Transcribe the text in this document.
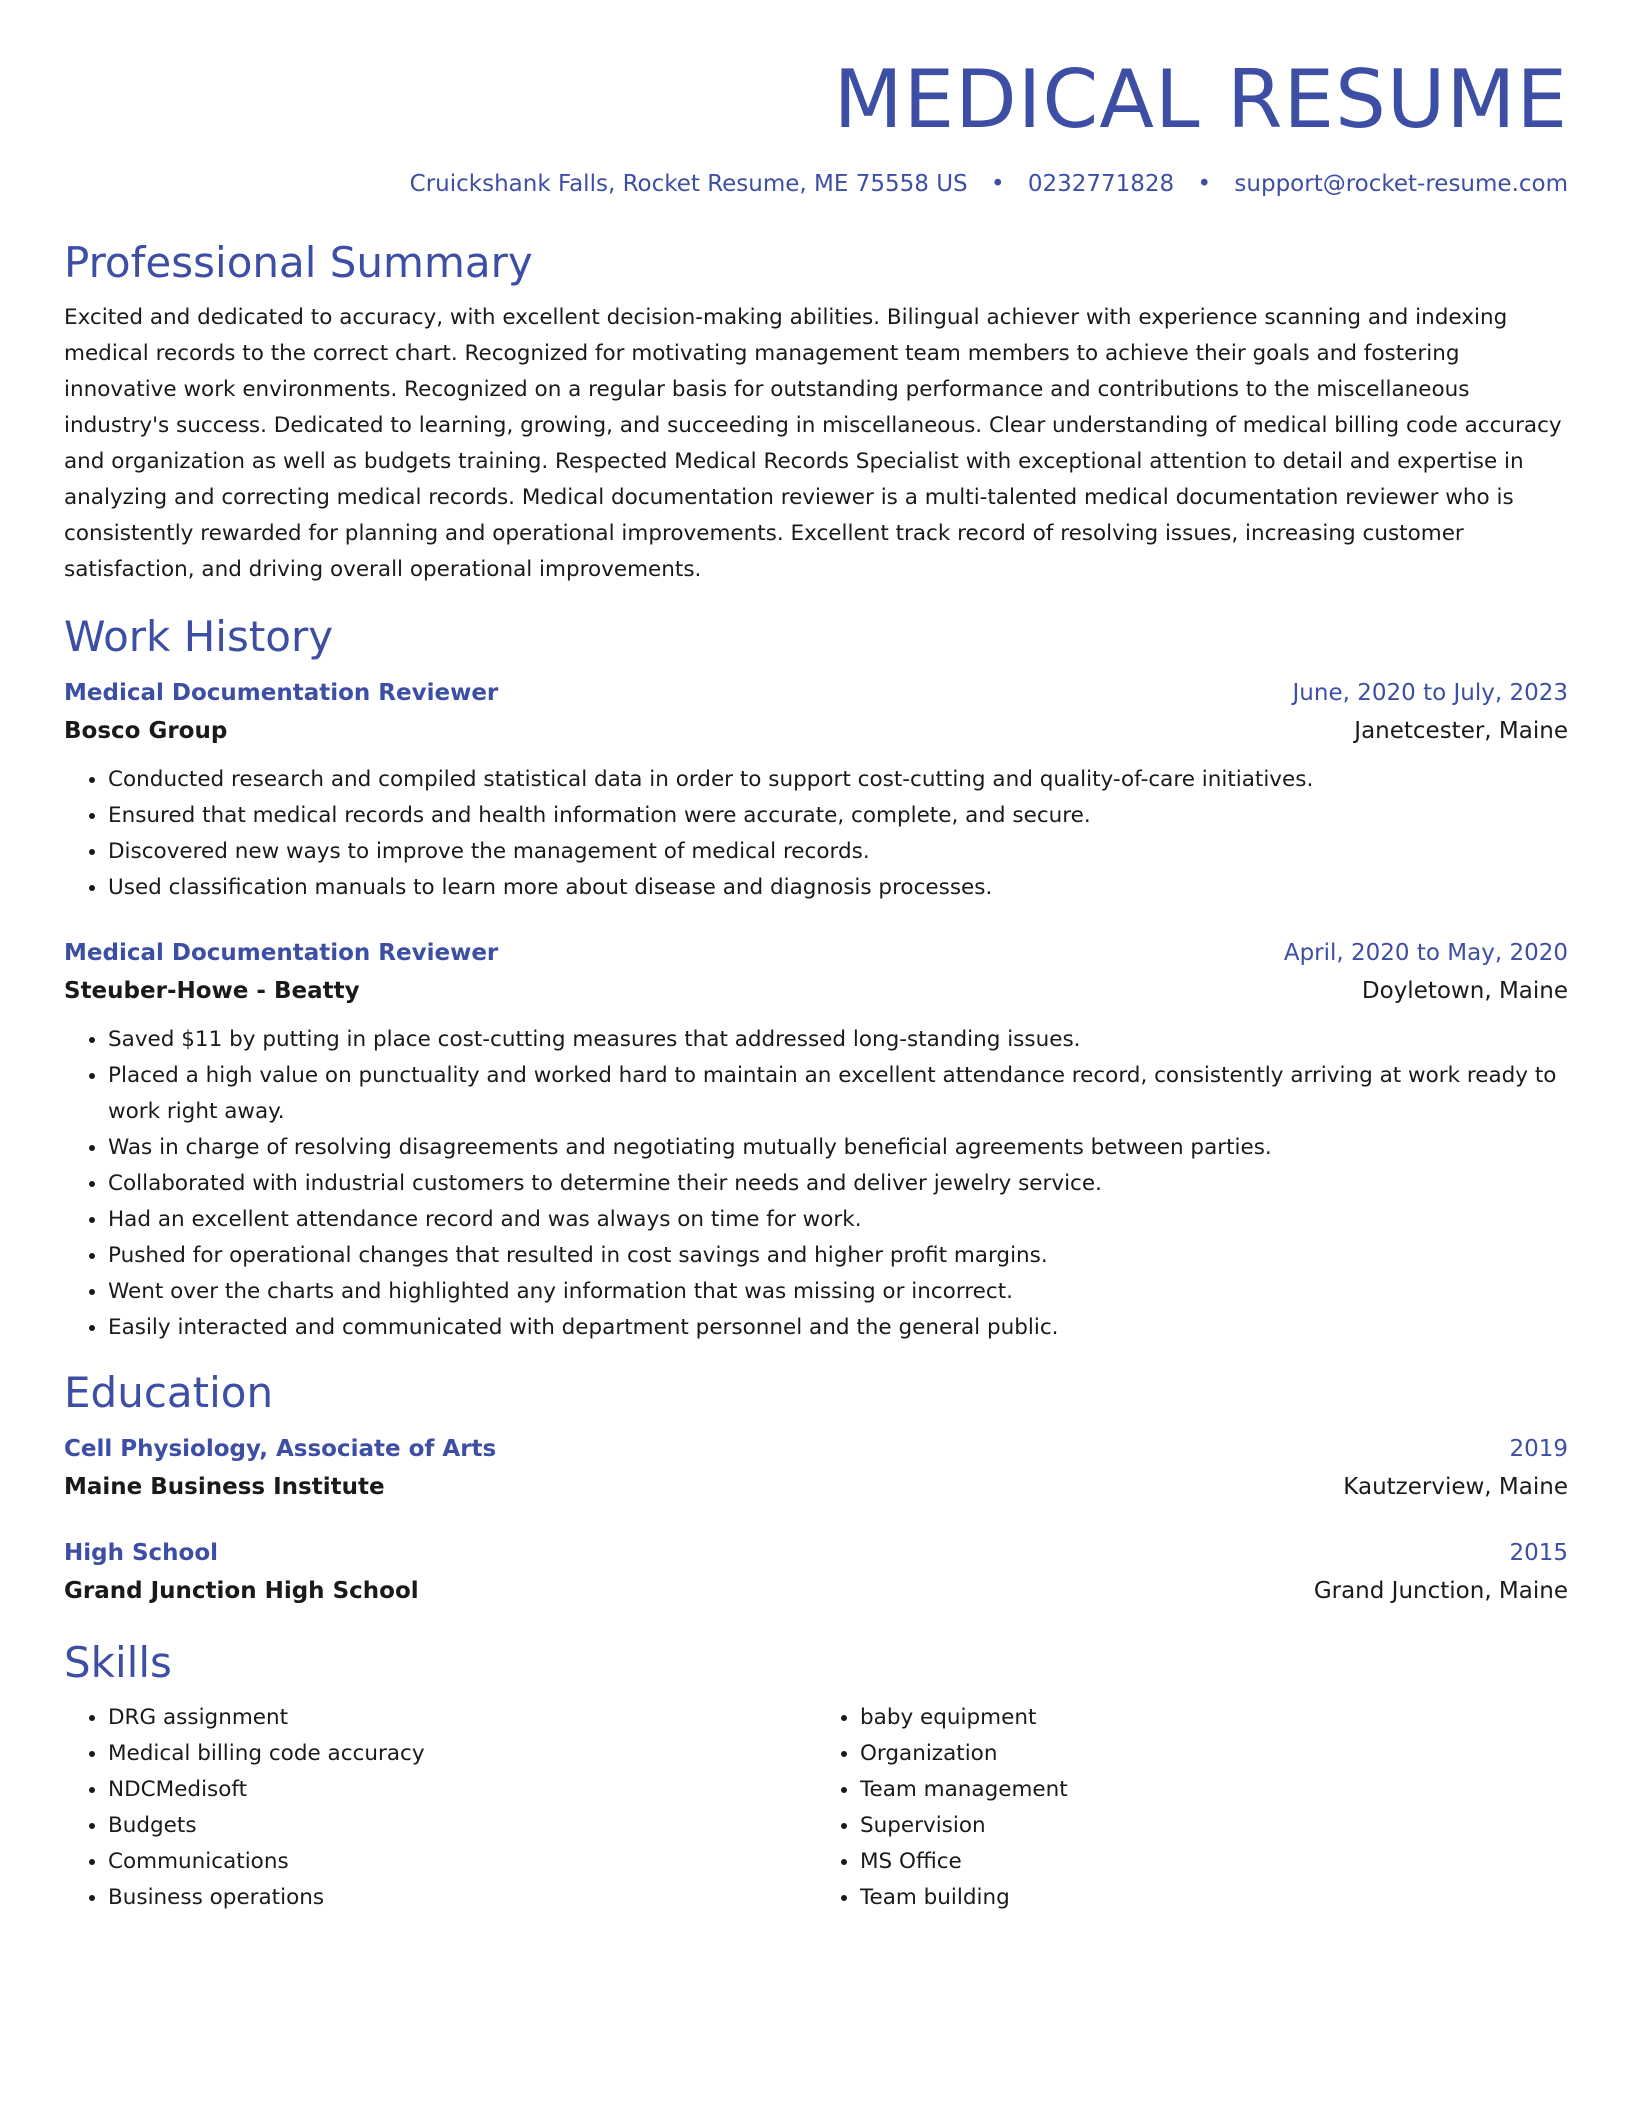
MEDICAL RESUME
Cruickshank Falls, Rocket Resume, ME 75558 US • 0232771828 • support@rocket-resume.com
Professional Summary

Excited and dedicated to accuracy, with excellent decision-making abilities. Bilingual achiever with experience scanning and indexing medical records to the correct chart. Recognized for motivating management team members to achieve their goals and fostering innovative work environments. Recognized on a regular basis for outstanding performance and contributions to the miscellaneous industry's success. Dedicated to learning, growing, and succeeding in miscellaneous. Clear understanding of medical billing code accuracy and organization as well as budgets training. Respected Medical Records Specialist with exceptional attention to detail and expertise in analyzing and correcting medical records. Medical documentation reviewer is a multi-talented medical documentation reviewer who is consistently rewarded for planning and operational improvements. Excellent track record of resolving issues, increasing customer satisfaction, and driving overall operational improvements.

Work History
Medical Documentation Reviewer	June, 2020 to July, 2023
Bosco Group	Janetcester, Maine
• Conducted research and compiled statistical data in order to support cost-cutting and quality-of-care initiatives.
• Ensured that medical records and health information were accurate, complete, and secure.
• Discovered new ways to improve the management of medical records.
• Used classification manuals to learn more about disease and diagnosis processes.
Medical Documentation Reviewer	April, 2020 to May, 2020
Steuber-Howe - Beatty	Doyletown, Maine
• Saved $11 by putting in place cost-cutting measures that addressed long-standing issues.
• Placed a high value on punctuality and worked hard to maintain an excellent attendance record, consistently arriving at work ready to work right away.
• Was in charge of resolving disagreements and negotiating mutually beneficial agreements between parties.
• Collaborated with industrial customers to determine their needs and deliver jewelry service.
• Had an excellent attendance record and was always on time for work.
• Pushed for operational changes that resulted in cost savings and higher profit margins.
• Went over the charts and highlighted any information that was missing or incorrect.
• Easily interacted and communicated with department personnel and the general public.
Education
Cell Physiology, Associate of Arts	2019
Maine Business Institute	Kautzerview, Maine
High School	2015
Grand Junction High School	Grand Junction, Maine
Skills
• DRG assignment
• Medical billing code accuracy
• NDCMedisoft
• Budgets
• Communications
• Business operations
• baby equipment
• Organization
• Team management
• Supervision
• MS Office
• Team building
